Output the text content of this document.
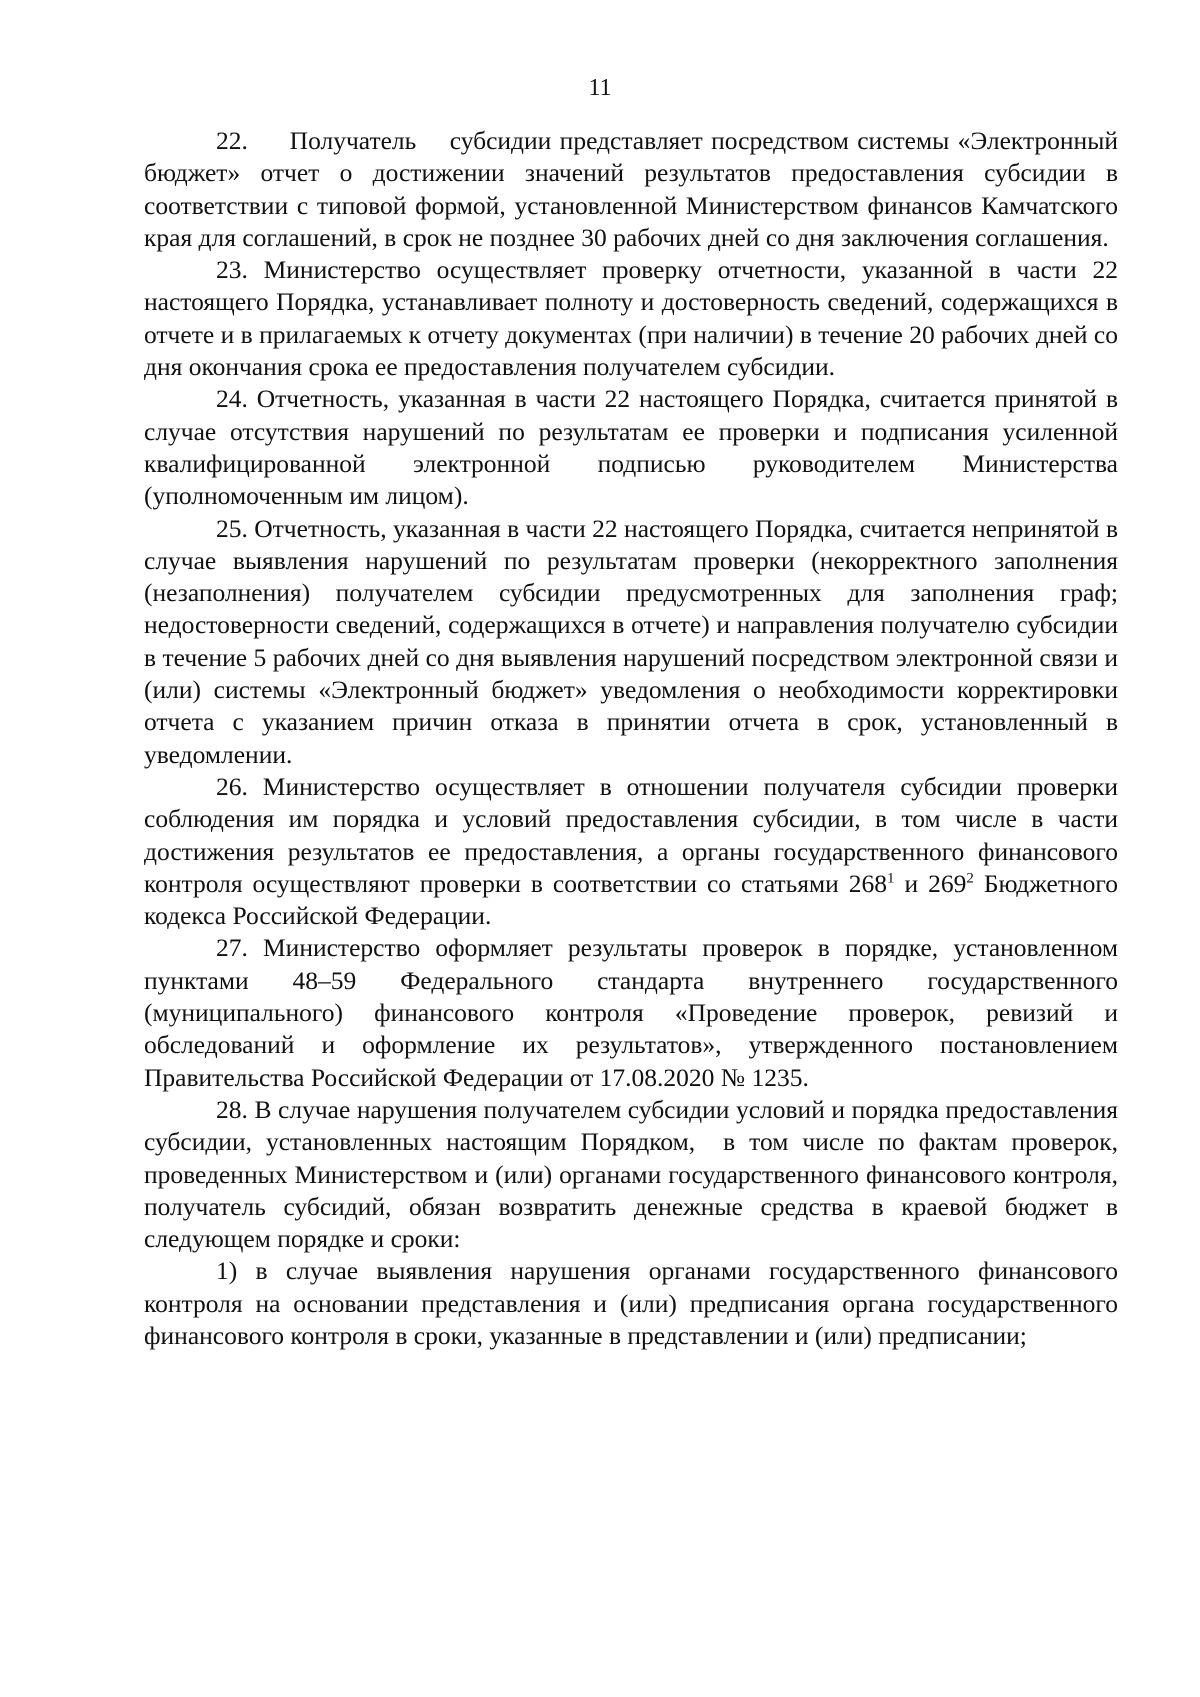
11

22.     Получатель    субсидии представляет посредством системы «Электронный бюджет» отчет о достижении значений результатов предоставления субсидии в соответствии с типовой формой, установленной Министерством финансов Камчатского края для соглашений, в срок не позднее 30 рабочих дней со дня заключения соглашения.

23. Министерство осуществляет проверку отчетности, указанной в части 22 настоящего Порядка, устанавливает полноту и достоверность сведений, содержащихся в отчете и в прилагаемых к отчету документах (при наличии) в течение 20 рабочих дней со дня окончания срока ее предоставления получателем субсидии.

24. Отчетность, указанная в части 22 настоящего Порядка, считается принятой в случае отсутствия нарушений по результатам ее проверки и подписания усиленной квалифицированной электронной подписью руководителем Министерства (уполномоченным им лицом).

25. Отчетность, указанная в части 22 настоящего Порядка, считается непринятой в случае выявления нарушений по результатам проверки (некорректного заполнения (незаполнения) получателем субсидии предусмотренных для заполнения граф; недостоверности сведений, содержащихся в отчете) и направления получателю субсидии в течение 5 рабочих дней со дня выявления нарушений посредством электронной связи и (или) системы «Электронный бюджет» уведомления о необходимости корректировки отчета с указанием причин отказа в принятии отчета в срок, установленный в уведомлении.

26. Министерство осуществляет в отношении получателя субсидии проверки соблюдения им порядка и условий предоставления субсидии, в том числе в части достижения результатов ее предоставления, а органы государственного финансового контроля осуществляют проверки в соответствии со статьями $268^1$ и $269^2$ Бюджетного кодекса Российской Федерации.

27. Министерство оформляет результаты проверок в порядке, установленном пунктами 48–59 Федерального стандарта внутреннего государственного (муниципального) финансового контроля «Проведение проверок, ревизий и обследований и оформление их результатов», утвержденного постановлением Правительства Российской Федерации от 17.08.2020 № 1235.

28. В случае нарушения получателем субсидии условий и порядка предоставления субсидии, установленных настоящим Порядком,  в том числе по фактам проверок, проведенных Министерством и (или) органами государственного финансового контроля, получатель субсидий, обязан возвратить денежные средства в краевой бюджет в следующем порядке и сроки:

1) в случае выявления нарушения органами государственного финансового контроля на основании представления и (или) предписания органа государственного финансового контроля в сроки, указанные в представлении и (или) предписании;
